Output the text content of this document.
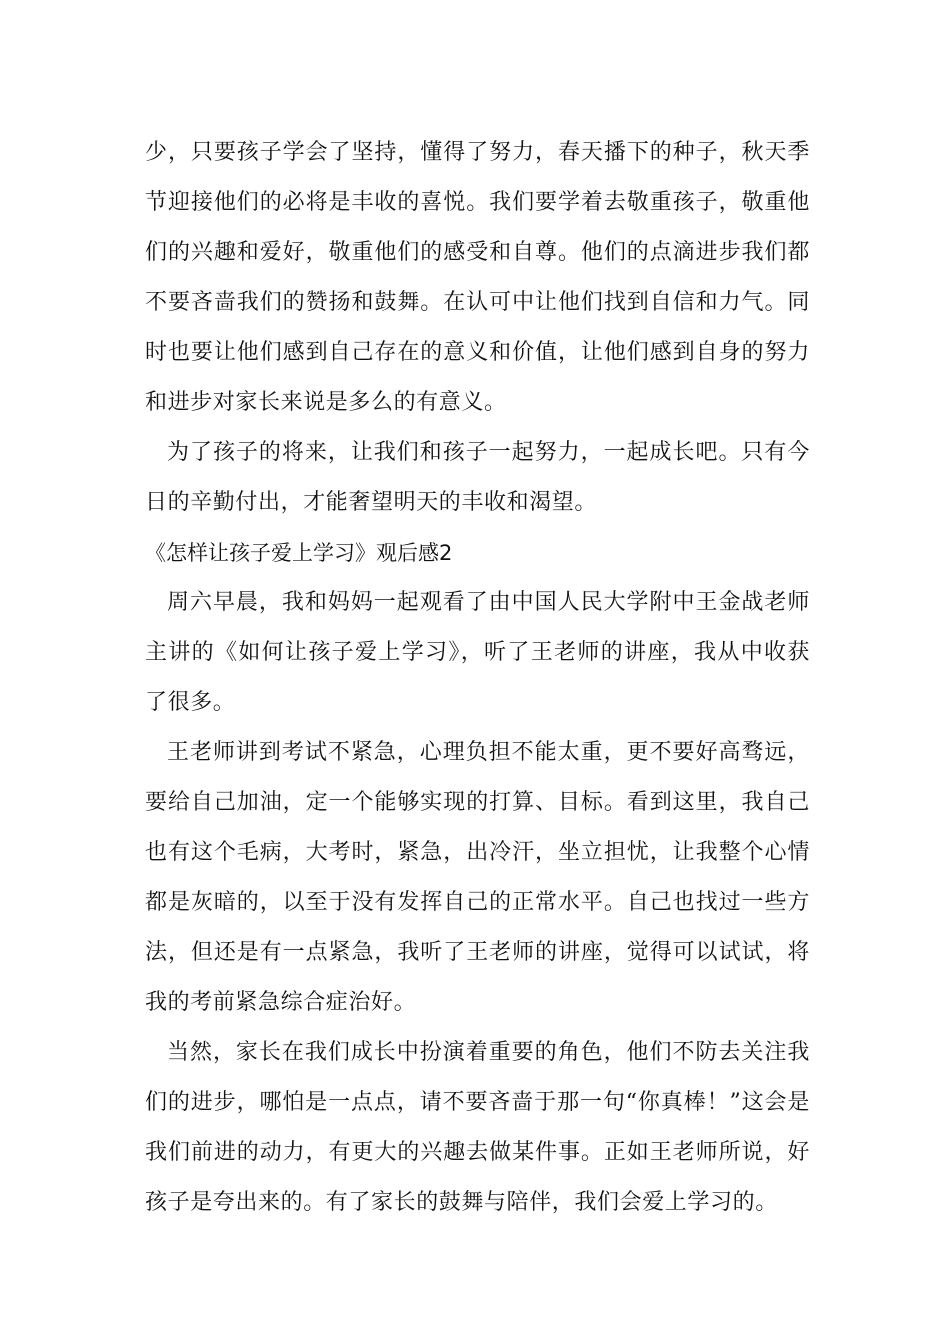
少，只要孩子学会了坚持，懂得了努力，春天播下的种子，秋天季节迎接他们的必将是丰收的喜悦。我们要学着去敬重孩子，敬重他们的兴趣和爱好，敬重他们的感受和自尊。他们的点滴进步我们都不要吝啬我们的赞扬和鼓舞。在认可中让他们找到自信和力气。同时也要让他们感到自己存在的意义和价值，让他们感到自身的努力和进步对家长来说是多么的有意义。

为了孩子的将来，让我们和孩子一起努力，一起成长吧。只有今日的辛勤付出，才能奢望明天的丰收和渴望。

《怎样让孩子爱上学习》观后感2

周六早晨，我和妈妈一起观看了由中国人民大学附中王金战老师主讲的《如何让孩子爱上学习》，听了王老师的讲座，我从中收获了很多。

王老师讲到考试不紧急，心理负担不能太重，更不要好高骛远，要给自己加油，定一个能够实现的打算、目标。看到这里，我自己也有这个毛病，大考时，紧急，出冷汗，坐立担忧，让我整个心情都是灰暗的，以至于没有发挥自己的正常水平。自己也找过一些方法，但还是有一点紧急，我听了王老师的讲座，觉得可以试试，将我的考前紧急综合症治好。

当然，家长在我们成长中扮演着重要的角色，他们不防去关注我们的进步，哪怕是一点点，请不要吝啬于那一句“你真棒！”这会是我们前进的动力，有更大的兴趣去做某件事。正如王老师所说，好孩子是夸出来的。有了家长的鼓舞与陪伴，我们会爱上学习的。
